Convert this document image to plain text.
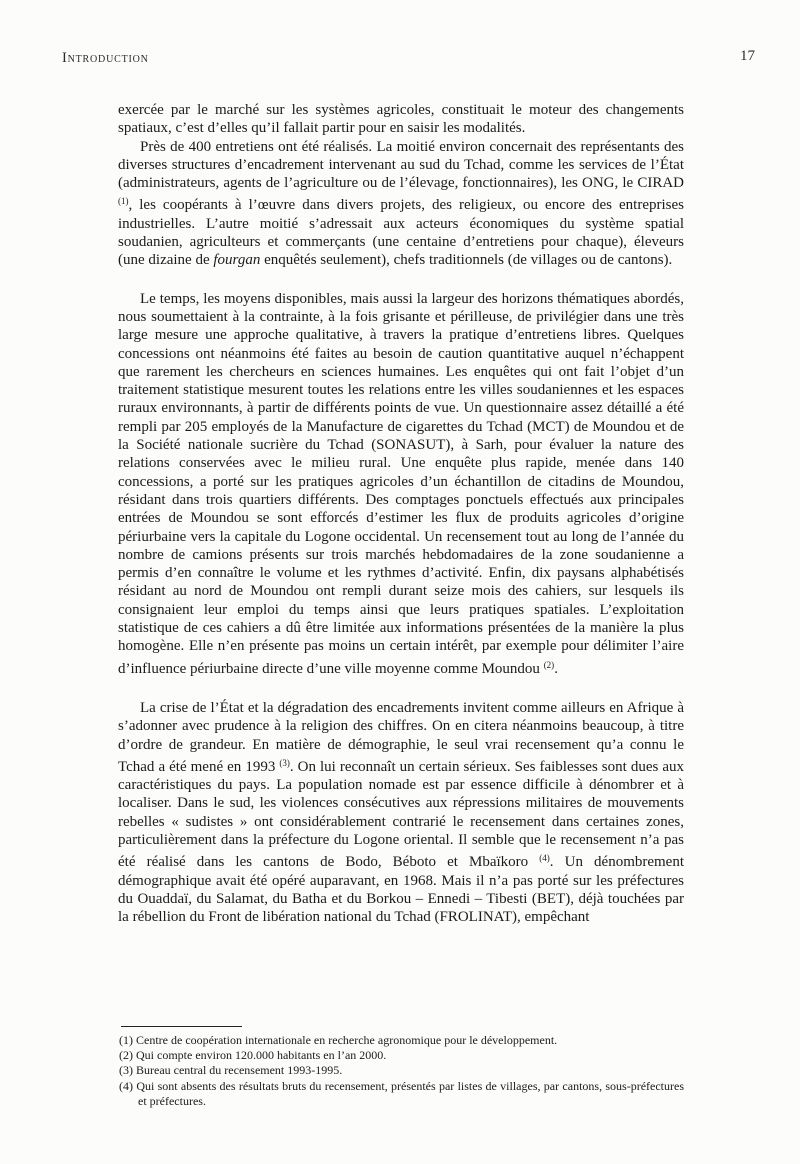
Introduction	17

exercée par le marché sur les systèmes agricoles, constituait le moteur des changements spatiaux, c’est d’elles qu’il fallait partir pour en saisir les modalités.

Près de 400 entretiens ont été réalisés. La moitié environ concernait des représentants des diverses structures d’encadrement intervenant au sud du Tchad, comme les services de l’État (administrateurs, agents de l’agriculture ou de l’élevage, fonctionnaires), les ONG, le CIRAD $^{(1)}$, les coopérants à l’œuvre dans divers projets, des religieux, ou encore des entreprises industrielles. L’autre moitié s’adressait aux acteurs économiques du système spatial soudanien, agriculteurs et commerçants (une centaine d’entretiens pour chaque), éleveurs (une dizaine de fourgan enquêtés seulement), chefs traditionnels (de villages ou de cantons).

Le temps, les moyens disponibles, mais aussi la largeur des horizons thématiques abordés, nous soumettaient à la contrainte, à la fois grisante et périlleuse, de privilégier dans une très large mesure une approche qualitative, à travers la pratique d’entretiens libres. Quelques concessions ont néanmoins été faites au besoin de caution quantitative auquel n’échappent que rarement les chercheurs en sciences humaines. Les enquêtes qui ont fait l’objet d’un traitement statistique mesurent toutes les relations entre les villes soudaniennes et les espaces ruraux environnants, à partir de différents points de vue. Un questionnaire assez détaillé a été rempli par 205 employés de la Manufacture de cigarettes du Tchad (MCT) de Moundou et de la Société nationale sucrière du Tchad (SONASUT), à Sarh, pour évaluer la nature des relations conservées avec le milieu rural. Une enquête plus rapide, menée dans 140 concessions, a porté sur les pratiques agricoles d’un échantillon de citadins de Moundou, résidant dans trois quartiers différents. Des comptages ponctuels effectués aux principales entrées de Moundou se sont efforcés d’estimer les flux de produits agricoles d’origine périurbaine vers la capitale du Logone occidental. Un recensement tout au long de l’année du nombre de camions présents sur trois marchés hebdomadaires de la zone soudanienne a permis d’en connaître le volume et les rythmes d’activité. Enfin, dix paysans alphabétisés résidant au nord de Moundou ont rempli durant seize mois des cahiers, sur lesquels ils consignaient leur emploi du temps ainsi que leurs pratiques spatiales. L’exploitation statistique de ces cahiers a dû être limitée aux informations présentées de la manière la plus homogène. Elle n’en présente pas moins un certain intérêt, par exemple pour délimiter l’aire d’influence périurbaine directe d’une ville moyenne comme Moundou $^{(2)}$.

La crise de l’État et la dégradation des encadrements invitent comme ailleurs en Afrique à s’adonner avec prudence à la religion des chiffres. On en citera néanmoins beaucoup, à titre d’ordre de grandeur. En matière de démographie, le seul vrai recensement qu’a connu le Tchad a été mené en 1993 $^{(3)}$. On lui reconnaît un certain sérieux. Ses faiblesses sont dues aux caractéristiques du pays. La population nomade est par essence difficile à dénombrer et à localiser. Dans le sud, les violences consécutives aux répressions militaires de mouvements rebelles « sudistes » ont considérablement contrarié le recensement dans certaines zones, particulièrement dans la préfecture du Logone oriental. Il semble que le recensement n’a pas été réalisé dans les cantons de Bodo, Béboto et Mbaïkoro $^{(4)}$. Un dénombrement démographique avait été opéré auparavant, en 1968. Mais il n’a pas porté sur les préfectures du Ouaddaï, du Salamat, du Batha et du Borkou – Ennedi – Tibesti (BET), déjà touchées par la rébellion du Front de libération national du Tchad (FROLINAT), empêchant

(1) Centre de coopération internationale en recherche agronomique pour le développement.
(2) Qui compte environ 120.000 habitants en l’an 2000.
(3) Bureau central du recensement 1993-1995.
(4) Qui sont absents des résultats bruts du recensement, présentés par listes de villages, par cantons, sous-préfectures et préfectures.
